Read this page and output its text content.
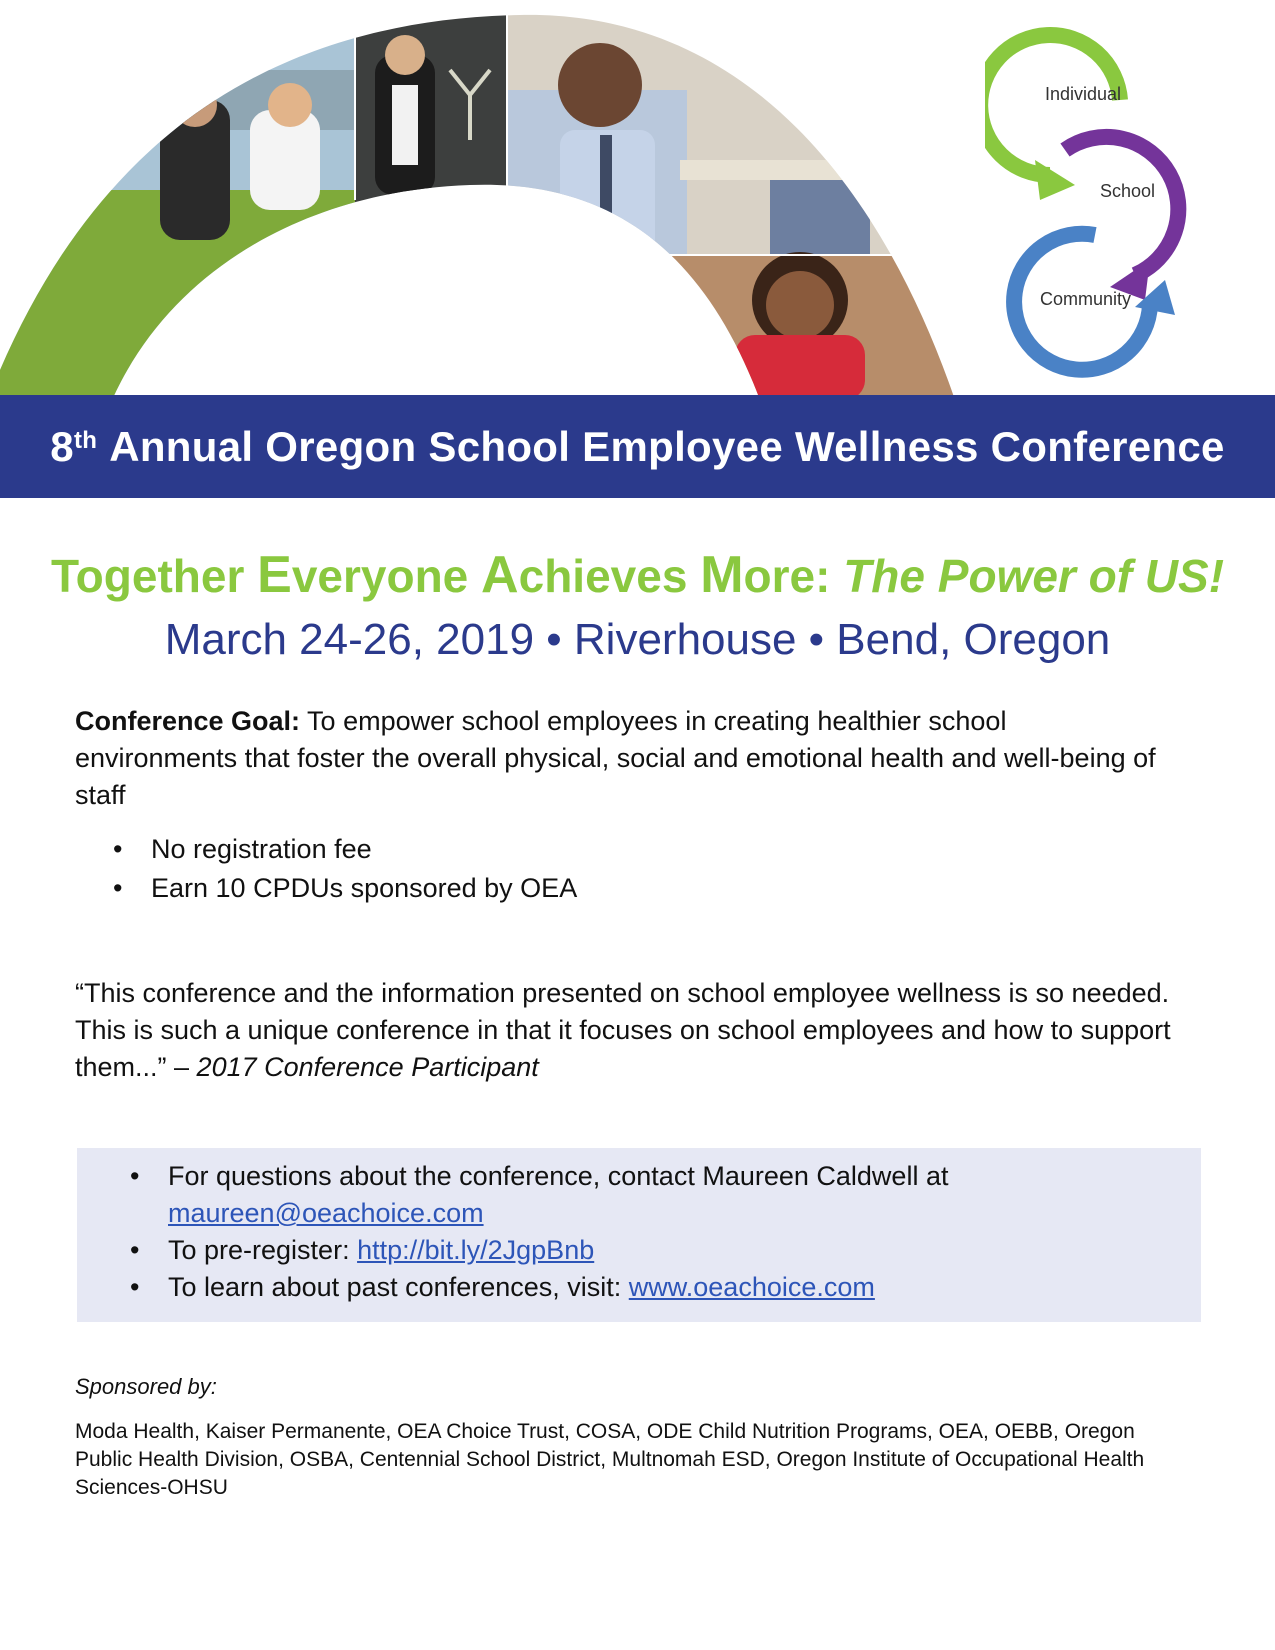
Individual
School
Community
8th
Annual Oregon School Employee Wellness Conference
Together Everyone Achieves More: The Power of US!
March 24-26, 2019 • Riverhouse • Bend, Oregon
Conference Goal: To empower school employees in creating healthier school environments that foster the overall physical, social and emotional health and well-being of staff
• No registration fee
• Earn 10 CPDUs sponsored by OEA
“This conference and the information presented on school employee wellness is so needed. This is such a unique conference in that it focuses on school employees and how to support them...” – 2017 Conference Participant
• For questions about the conference, contact Maureen Caldwell at maureen@oeachoice.com
• To pre-register: http://bit.ly/2JgpBnb
• To learn about past conferences, visit: www.oeachoice.com
Sponsored by:
Moda Health, Kaiser Permanente, OEA Choice Trust, COSA, ODE Child Nutrition Programs, OEA, OEBB, Oregon Public Health Division, OSBA, Centennial School District, Multnomah ESD, Oregon Institute of Occupational Health Sciences-OHSU
